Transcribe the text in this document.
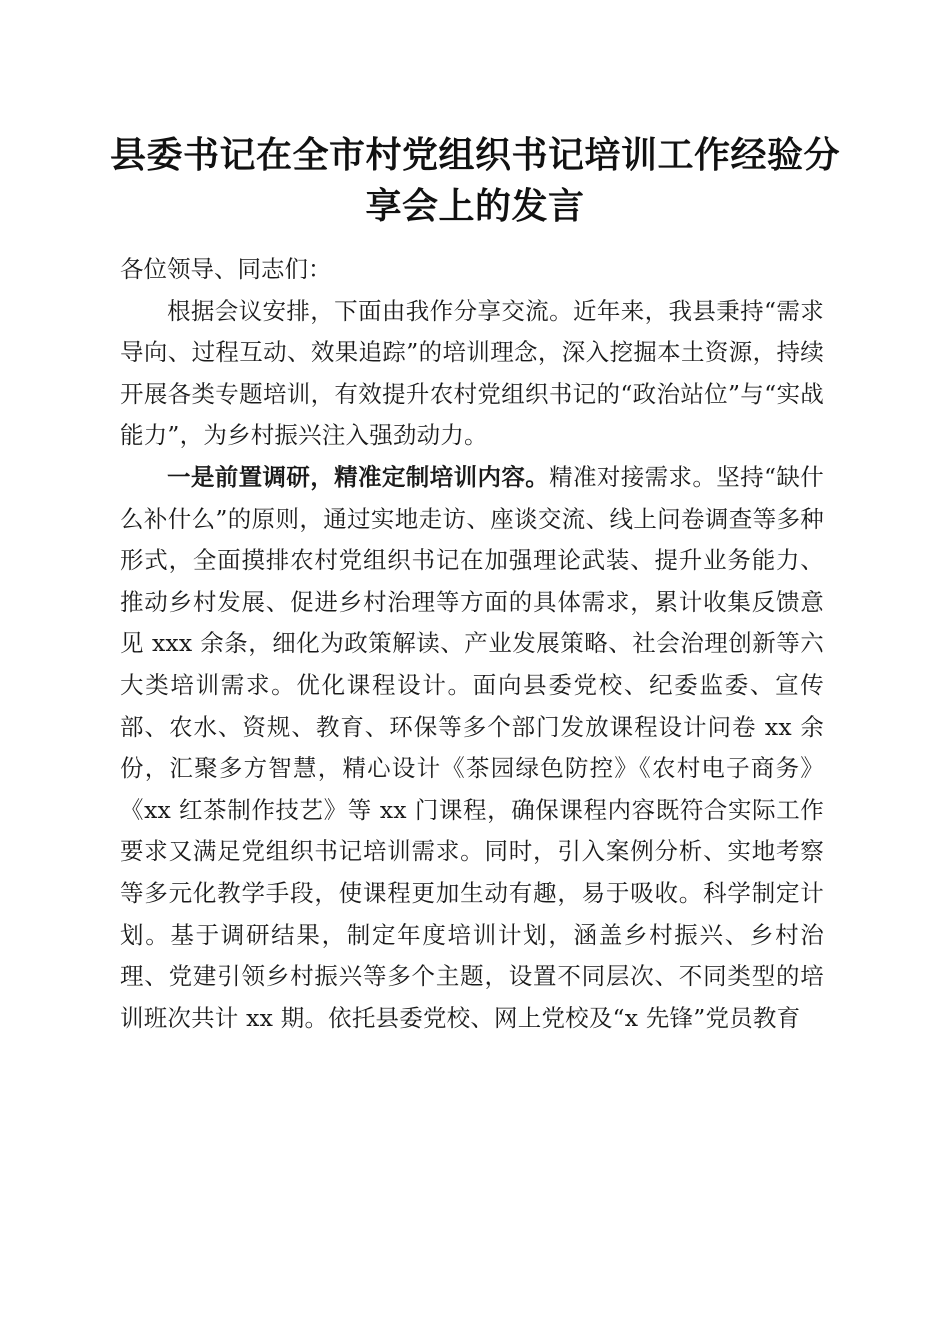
县委书记在全市村党组织书记培训工作经验分享会上的发言

各位领导、同志们：

根据会议安排，下面由我作分享交流。近年来，我县秉持“需求导向、过程互动、效果追踪”的培训理念，深入挖掘本土资源，持续开展各类专题培训，有效提升农村党组织书记的“政治站位”与“实战能力”，为乡村振兴注入强劲动力。

一是前置调研，精准定制培训内容。精准对接需求。坚持“缺什么补什么”的原则，通过实地走访、座谈交流、线上问卷调查等多种形式，全面摸排农村党组织书记在加强理论武装、提升业务能力、推动乡村发展、促进乡村治理等方面的具体需求，累计收集反馈意见 xxx 余条，细化为政策解读、产业发展策略、社会治理创新等六大类培训需求。优化课程设计。面向县委党校、纪委监委、宣传部、农水、资规、教育、环保等多个部门发放课程设计问卷 xx 余份，汇聚多方智慧，精心设计《茶园绿色防控》《农村电子商务》《xx 红茶制作技艺》等 xx 门课程，确保课程内容既符合实际工作要求又满足党组织书记培训需求。同时，引入案例分析、实地考察等多元化教学手段，使课程更加生动有趣，易于吸收。科学制定计划。基于调研结果，制定年度培训计划，涵盖乡村振兴、乡村治理、党建引领乡村振兴等多个主题，设置不同层次、不同类型的培训班次共计 xx 期。依托县委党校、网上党校及“x 先锋”党员教育
